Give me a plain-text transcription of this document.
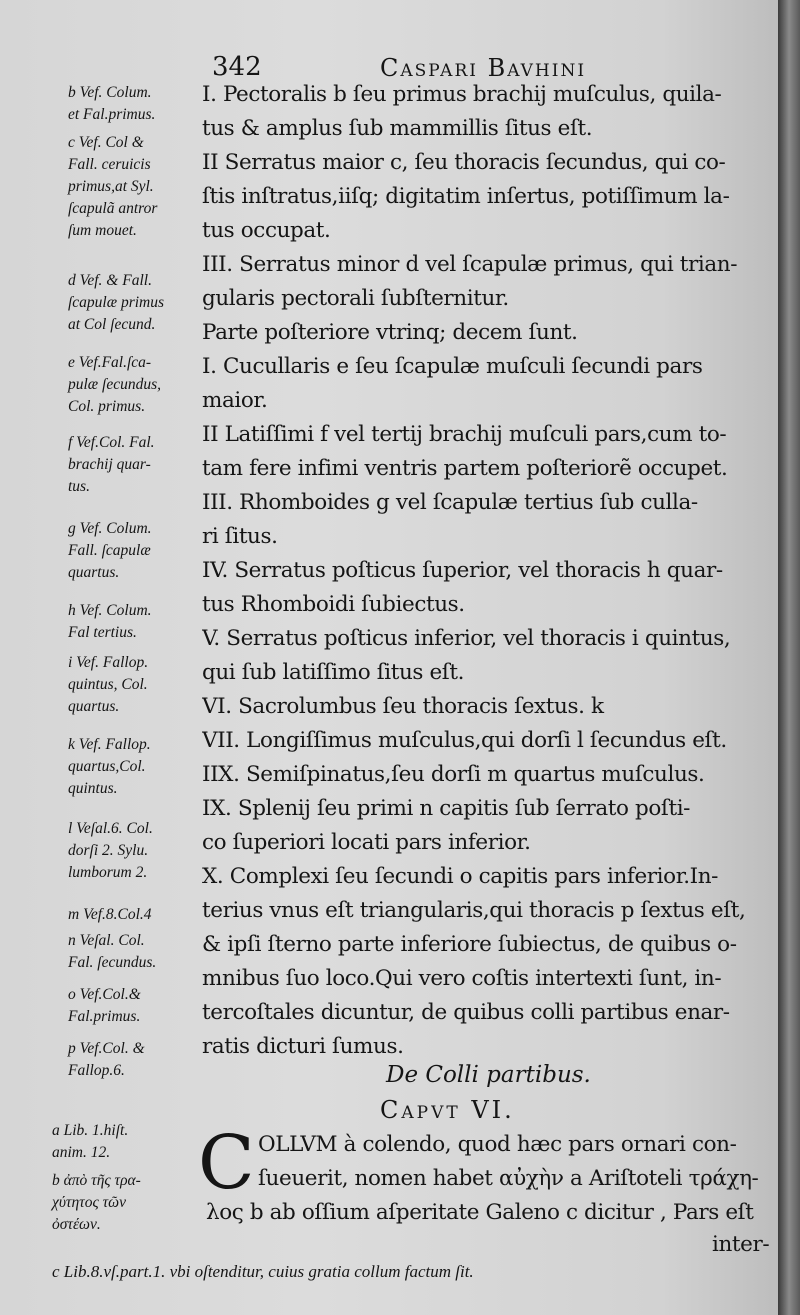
342	Caspari Bavhini
b Vef. Colum.
et Fal.primus.
c Vef. Col &
Fall. ceruicis
primus,at Syl.
ſcapulã antror
ſum mouet.
d Vef. & Fall.
ſcapulæ primus
at Col ſecund.
e Vef.Fal.ſca-
pulæ ſecundus,
Col. primus.
f Vef.Col. Fal.
brachij quar-
tus.
g Vef. Colum.
Fall. ſcapulæ
quartus.
h Vef. Colum.
Fal tertius.
i Vef. Fallop.
quintus, Col.
quartus.
k Vef. Fallop.
quartus,Col.
quintus.
l Veſal.6. Col.
dorſi 2. Sylu.
lumborum 2.
m Vef.8.Col.4
n Veſal. Col.
Fal. ſecundus.
o Vef.Col.&
Fal.primus.
p Vef.Col. &
Fallop.6.
I. Pectoralis b ſeu primus brachij muſculus, quila-
tus & amplus ſub mammillis ſitus eſt.
II Serratus maior c, ſeu thoracis ſecundus, qui co-
ſtis inſtratus,iiſq; digitatim inſertus, potiſſimum la-
tus occupat.
III. Serratus minor d vel ſcapulæ primus, qui trian-
gularis pectorali ſubſternitur.
Parte poſteriore vtrinq; decem ſunt.
I. Cucullaris e ſeu ſcapulæ muſculi ſecundi pars
maior.
II Latiſſimi f vel tertij brachij muſculi pars,cum to-
tam fere infimi ventris partem poſteriorẽ occupet.
III. Rhomboides g vel ſcapulæ tertius ſub culla-
ri ſitus.
IV. Serratus poſticus ſuperior, vel thoracis h quar-
tus Rhomboidi ſubiectus.
V. Serratus poſticus inferior, vel thoracis i quintus,
qui ſub latiſſimo ſitus eſt.
VI. Sacrolumbus ſeu thoracis ſextus. k
VII. Longiſſimus muſculus,qui dorſi l ſecundus eſt.
IIX. Semiſpinatus,ſeu dorſi m quartus muſculus.
IX. Splenij ſeu primi n capitis ſub ſerrato poſti-
co ſuperiori locati pars inferior.
X. Complexi ſeu ſecundi o capitis pars inferior.In-
terius vnus eſt triangularis,qui thoracis p ſextus eſt,
& ipſi ſterno parte inferiore ſubiectus, de quibus o-
mnibus ſuo loco.Qui vero coſtis intertexti ſunt, in-
tercoſtales dicuntur, de quibus colli partibus enar-
ratis dicturi ſumus.
De Colli partibus.
Capvt VI.
C OLLVM à colendo, quod hæc pars ornari con-
ſueuerit, nomen habet αὐχὴν a Ariſtoteli τράχη-
λος b ab oſſium aſperitate Galeno c dicitur , Pars eſt
inter-
a Lib. 1.hiſt.
anim. 12.
b ἀπὸ τῆς τρα-
χύτητος τῶν
ὀστέων.
c Lib.8.vſ.part.1. vbi oſtenditur, cuius gratia collum factum ſit.
